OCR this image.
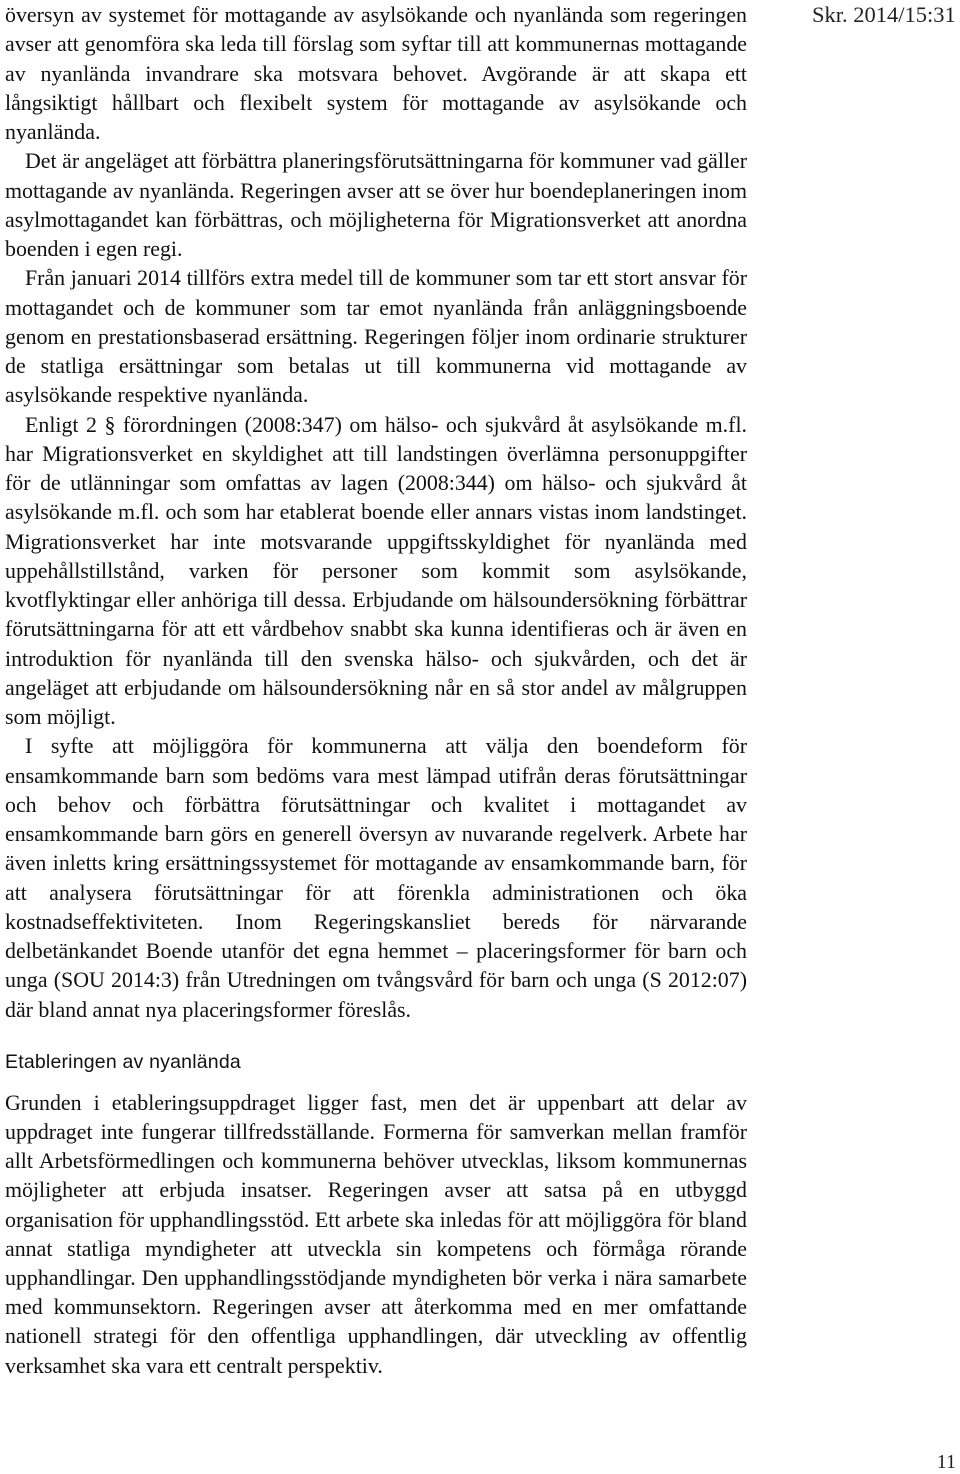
Skr. 2014/15:31

översyn av systemet för mottagande av asylsökande och nyanlända som regeringen avser att genomföra ska leda till förslag som syftar till att kommunernas mottagande av nyanlända invandrare ska motsvara behovet. Avgörande är att skapa ett långsiktigt hållbart och flexibelt system för mottagande av asylsökande och nyanlända.

Det är angeläget att förbättra planeringsförutsättningarna för kommuner vad gäller mottagande av nyanlända. Regeringen avser att se över hur boendeplaneringen inom asylmottagandet kan förbättras, och möjligheterna för Migrationsverket att anordna boenden i egen regi.

Från januari 2014 tillförs extra medel till de kommuner som tar ett stort ansvar för mottagandet och de kommuner som tar emot nyanlända från anläggningsboende genom en prestationsbaserad ersättning. Regeringen följer inom ordinarie strukturer de statliga ersättningar som betalas ut till kommunerna vid mottagande av asylsökande respektive nyanlända.

Enligt 2 § förordningen (2008:347) om hälso- och sjukvård åt asylsökande m.fl. har Migrationsverket en skyldighet att till landstingen överlämna personuppgifter för de utlänningar som omfattas av lagen (2008:344) om hälso- och sjukvård åt asylsökande m.fl. och som har etablerat boende eller annars vistas inom landstinget. Migrationsverket har inte motsvarande uppgiftsskyldighet för nyanlända med uppehållstillstånd, varken för personer som kommit som asylsökande, kvotflyktingar eller anhöriga till dessa. Erbjudande om hälsoundersökning förbättrar förutsättningarna för att ett vårdbehov snabbt ska kunna identifieras och är även en introduktion för nyanlända till den svenska hälso- och sjukvården, och det är angeläget att erbjudande om hälsoundersökning når en så stor andel av målgruppen som möjligt.

I syfte att möjliggöra för kommunerna att välja den boendeform för ensamkommande barn som bedöms vara mest lämpad utifrån deras förutsättningar och behov och förbättra förutsättningar och kvalitet i mottagandet av ensamkommande barn görs en generell översyn av nuvarande regelverk. Arbete har även inletts kring ersättningssystemet för mottagande av ensamkommande barn, för att analysera förutsättningar för att förenkla administrationen och öka kostnadseffektiviteten. Inom Regeringskansliet bereds för närvarande delbetänkandet Boende utanför det egna hemmet – placeringsformer för barn och unga (SOU 2014:3) från Utredningen om tvångsvård för barn och unga (S 2012:07) där bland annat nya placeringsformer föreslås.

Etableringen av nyanlända

Grunden i etableringsuppdraget ligger fast, men det är uppenbart att delar av uppdraget inte fungerar tillfredsställande. Formerna för samverkan mellan framför allt Arbetsförmedlingen och kommunerna behöver utvecklas, liksom kommunernas möjligheter att erbjuda insatser. Regeringen avser att satsa på en utbyggd organisation för upphandlingsstöd. Ett arbete ska inledas för att möjliggöra för bland annat statliga myndigheter att utveckla sin kompetens och förmåga rörande upphandlingar. Den upphandlingsstödjande myndigheten bör verka i nära samarbete med kommunsektorn. Regeringen avser att återkomma med en mer omfattande nationell strategi för den offentliga upphandlingen, där utveckling av offentlig verksamhet ska vara ett centralt perspektiv.

11
